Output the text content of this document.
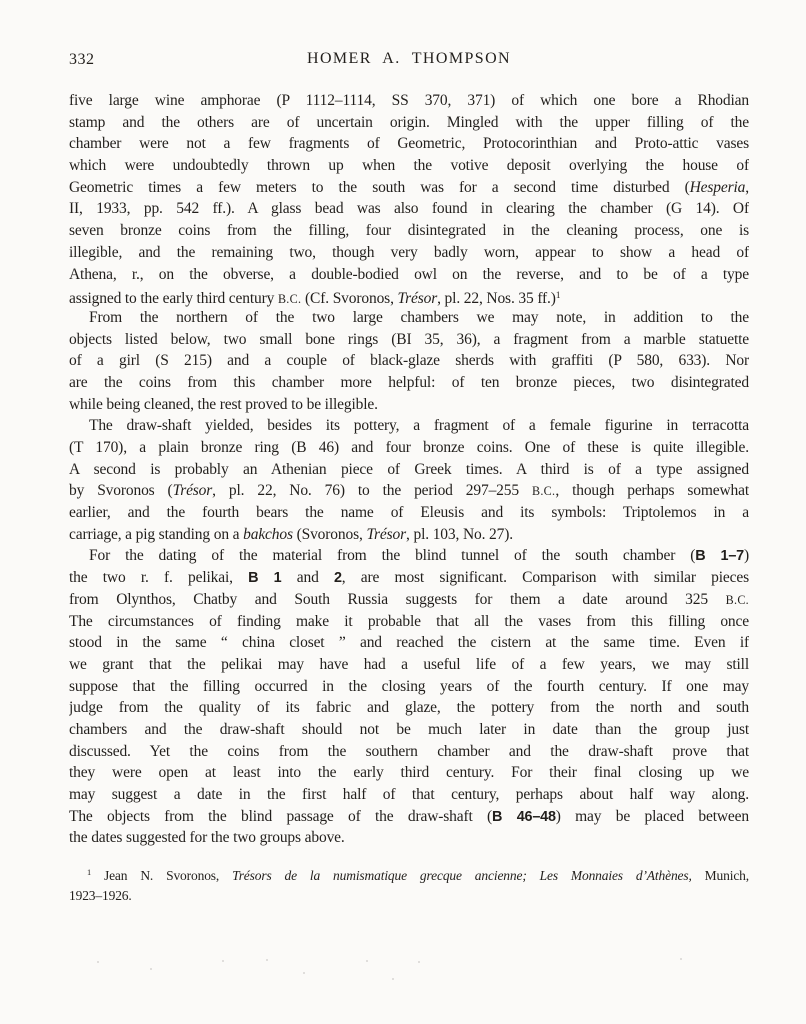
332	HOMER A. THOMPSON
five large wine amphorae (P 1112–1114, SS 370, 371) of which one bore a Rhodian
stamp and the others are of uncertain origin. Mingled with the upper filling of the
chamber were not a few fragments of Geometric, Protocorinthian and Proto-attic vases
which were undoubtedly thrown up when the votive deposit overlying the house of
Geometric times a few meters to the south was for a second time disturbed (Hesperia,
II, 1933, pp. 542 ff.). A glass bead was also found in clearing the chamber (G 14). Of
seven bronze coins from the filling, four disintegrated in the cleaning process, one is
illegible, and the remaining two, though very badly worn, appear to show a head of
Athena, r., on the obverse, a double-bodied owl on the reverse, and to be of a type
assigned to the early third century B.C. (Cf. Svoronos, Trésor, pl. 22, Nos. 35 ff.)$^1$
From the northern of the two large chambers we may note, in addition to the
objects listed below, two small bone rings (BI 35, 36), a fragment from a marble statuette
of a girl (S 215) and a couple of black-glaze sherds with graffiti (P 580, 633). Nor
are the coins from this chamber more helpful: of ten bronze pieces, two disintegrated
while being cleaned, the rest proved to be illegible.
The draw-shaft yielded, besides its pottery, a fragment of a female figurine in terracotta
(T 170), a plain bronze ring (B 46) and four bronze coins. One of these is quite illegible.
A second is probably an Athenian piece of Greek times. A third is of a type assigned
by Svoronos (Trésor, pl. 22, No. 76) to the period 297–255 B.C., though perhaps somewhat
earlier, and the fourth bears the name of Eleusis and its symbols: Triptolemos in a
carriage, a pig standing on a bakchos (Svoronos, Trésor, pl. 103, No. 27).
For the dating of the material from the blind tunnel of the south chamber (B 1–7)
the two r. f. pelikai, B 1 and 2, are most significant. Comparison with similar pieces
from Olynthos, Chatby and South Russia suggests for them a date around 325 B.C.
The circumstances of finding make it probable that all the vases from this filling once
stood in the same “ china closet ” and reached the cistern at the same time. Even if
we grant that the pelikai may have had a useful life of a few years, we may still
suppose that the filling occurred in the closing years of the fourth century. If one may
judge from the quality of its fabric and glaze, the pottery from the north and south
chambers and the draw-shaft should not be much later in date than the group just
discussed. Yet the coins from the southern chamber and the draw-shaft prove that
they were open at least into the early third century. For their final closing up we
may suggest a date in the first half of that century, perhaps about half way along.
The objects from the blind passage of the draw-shaft (B 46–48) may be placed between
the dates suggested for the two groups above.
$^1$ Jean N. Svoronos, Trésors de la numismatique grecque ancienne; Les Monnaies d’Athènes, Munich,
1923–1926.
